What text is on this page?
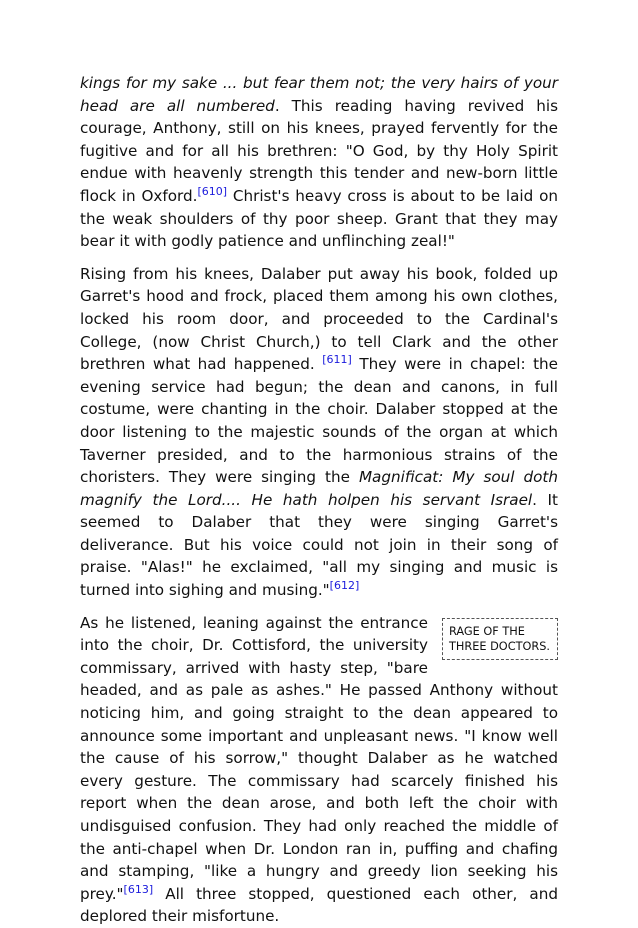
kings for my sake ... but fear them not; the very hairs of your head are all numbered. This reading having revived his courage, Anthony, still on his knees, prayed fervently for the fugitive and for all his brethren: "O God, by thy Holy Spirit endue with heavenly strength this tender and new-born little flock in Oxford.[610] Christ's heavy cross is about to be laid on the weak shoulders of thy poor sheep. Grant that they may bear it with godly patience and unflinching zeal!"

Rising from his knees, Dalaber put away his book, folded up Garret's hood and frock, placed them among his own clothes, locked his room door, and proceeded to the Cardinal's College, (now Christ Church,) to tell Clark and the other brethren what had happened. [611] They were in chapel: the evening service had begun; the dean and canons, in full costume, were chanting in the choir. Dalaber stopped at the door listening to the majestic sounds of the organ at which Taverner presided, and to the harmonious strains of the choristers. They were singing the Magnificat: My soul doth magnify the Lord.... He hath holpen his servant Israel. It seemed to Dalaber that they were singing Garret's deliverance. But his voice could not join in their song of praise. "Alas!" he exclaimed, "all my singing and music is turned into sighing and musing."[612]

RAGE OF THE THREE DOCTORS.
As he listened, leaning against the entrance into the choir, Dr. Cottisford, the university commissary, arrived with hasty step, "bare headed, and as pale as ashes." He passed Anthony without noticing him, and going straight to the dean appeared to announce some important and unpleasant news. "I know well the cause of his sorrow," thought Dalaber as he watched every gesture. The commissary had scarcely finished his report when the dean arose, and both left the choir with undisguised confusion. They had only reached the middle of the anti-chapel when Dr. London ran in, puffing and chafing and stamping, "like a hungry and greedy lion seeking his prey."[613] All three stopped, questioned each other, and deplored their misfortune.
